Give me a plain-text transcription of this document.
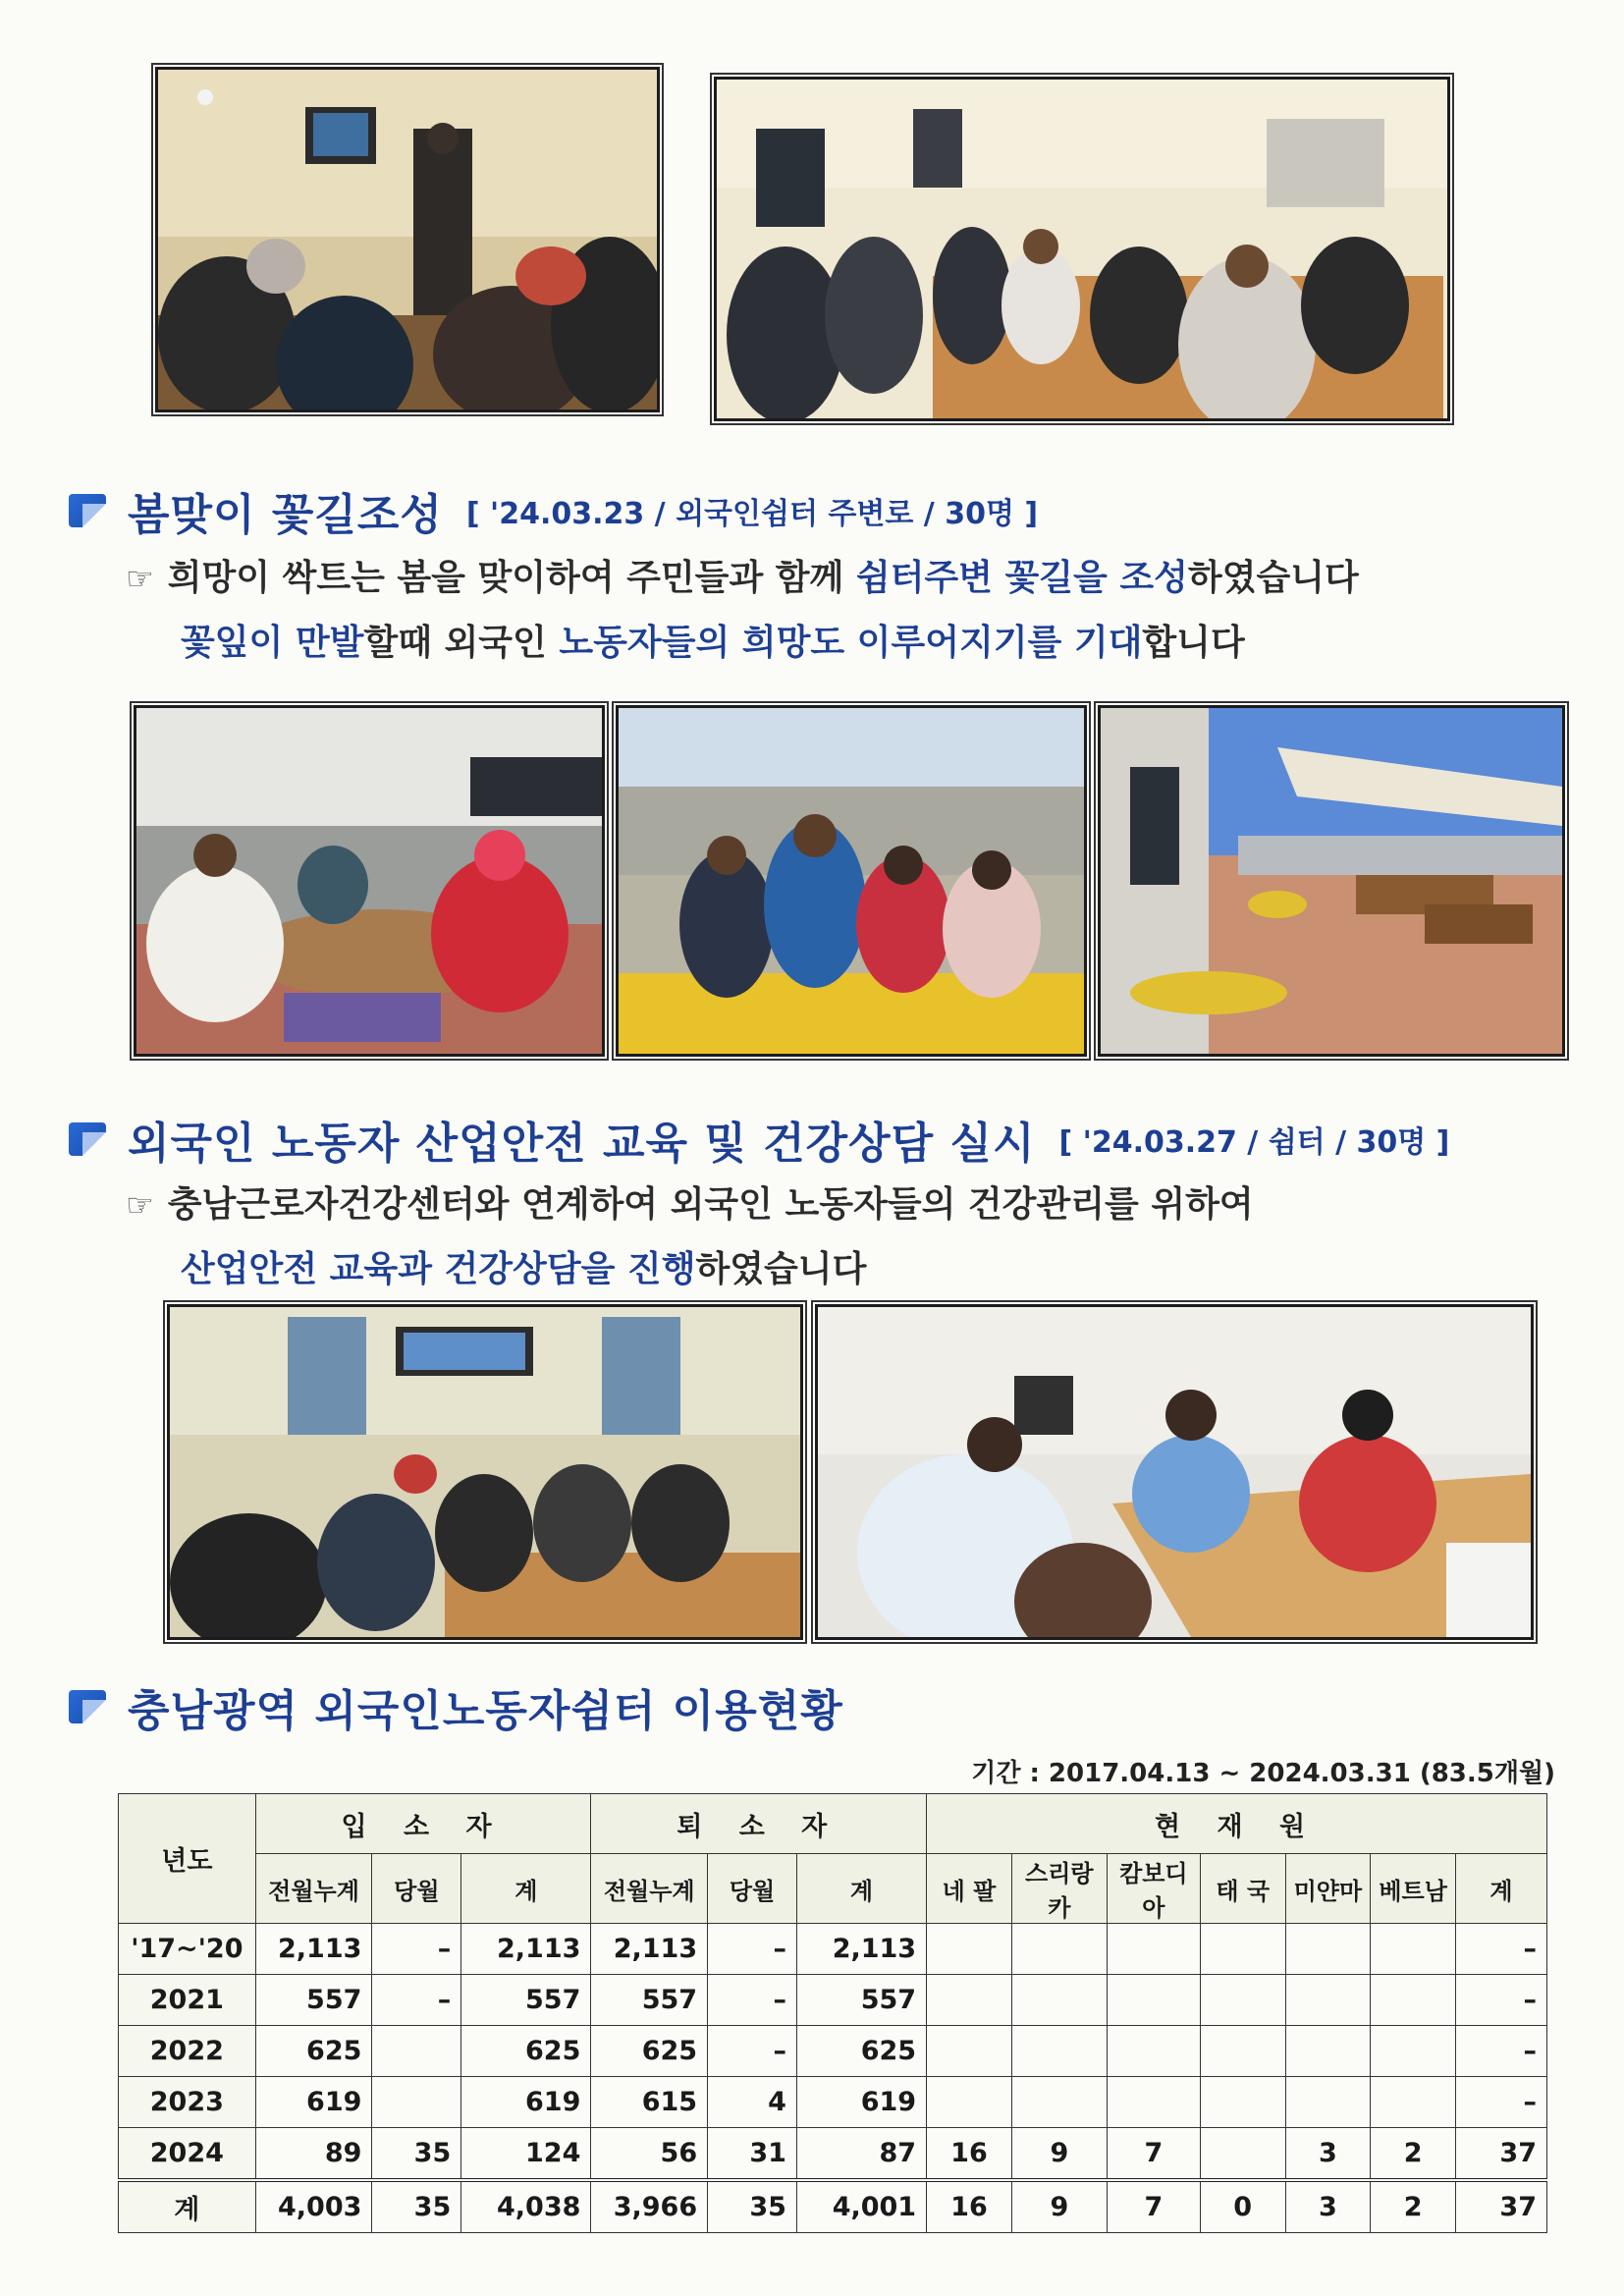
봄맞이 꽃길조성 [ '24.03.23 / 외국인쉼터 주변로 / 30명 ]
☞ 희망이 싹트는 봄을 맞이하여 주민들과 함께 쉼터주변 꽃길을 조성하였습니다
꽃잎이 만발할때 외국인 노동자들의 희망도 이루어지기를 기대합니다
외국인 노동자 산업안전 교육 및 건강상담 실시 [ '24.03.27 / 쉼터 / 30명 ]
☞ 충남근로자건강센터와 연계하여 외국인 노동자들의 건강관리를 위하여
산업안전 교육과 건강상담을 진행하였습니다
충남광역 외국인노동자쉼터 이용현황
기간 : 2017.04.13 ~ 2024.03.31 (83.5개월)
년도	입 소 자			퇴 소 자			현 재 원						
	전월누계	당월	계	전월누계	당월	계	네 팔	스리랑카	캄보디아	태 국	미얀마	베트남	계
'17~'20	2,113	–	2,113	2,113	–	2,113							–
2021	557	–	557	557	–	557							–
2022	625		625	625	–	625							–
2023	619		619	615	4	619							–
2024	89	35	124	56	31	87	16	9	7		3	2	37
계	4,003	35	4,038	3,966	35	4,001	16	9	7	0	3	2	37
